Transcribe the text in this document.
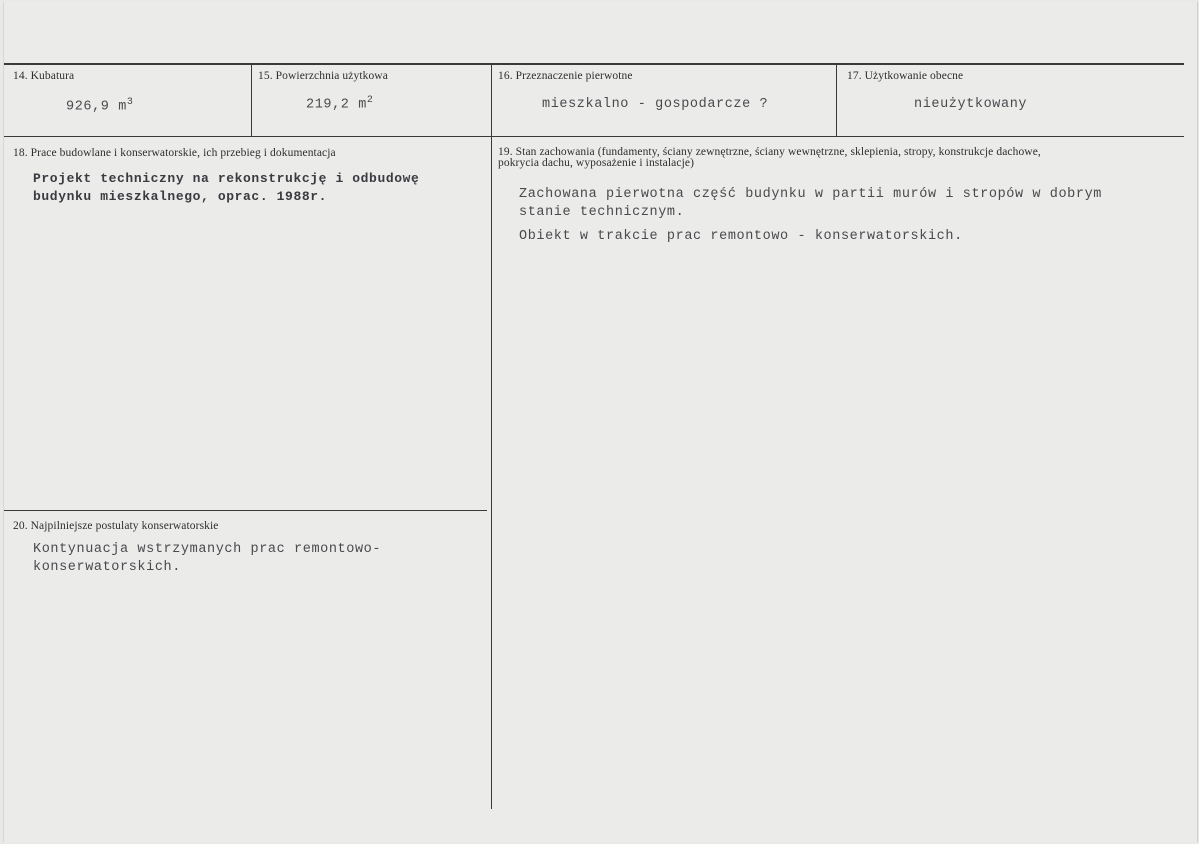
14. Kubatura
926,9 $m^3$
15. Powierzchnia użytkowa
219,2 $m^2$
16. Przeznaczenie pierwotne
mieszkalno - gospodarcze ?
17. Użytkowanie obecne
nieużytkowany
18. Prace budowlane i konserwatorskie, ich przebieg i dokumentacja
Projekt techniczny na rekonstrukcję i odbudowę budynku mieszkalnego, oprac. 1988r.
19. Stan zachowania (fundamenty, ściany zewnętrzne, ściany wewnętrzne, sklepienia, stropy, konstrukcje dachowe, pokrycia dachu, wyposażenie i instalacje)
Zachowana pierwotna część budynku w partii murów i stropów w dobrym stanie technicznym.
Obiekt w trakcie prac remontowo - konserwatorskich.
20. Najpilniejsze postulaty konserwatorskie
Kontynuacja wstrzymanych prac remontowo-konserwatorskich.
